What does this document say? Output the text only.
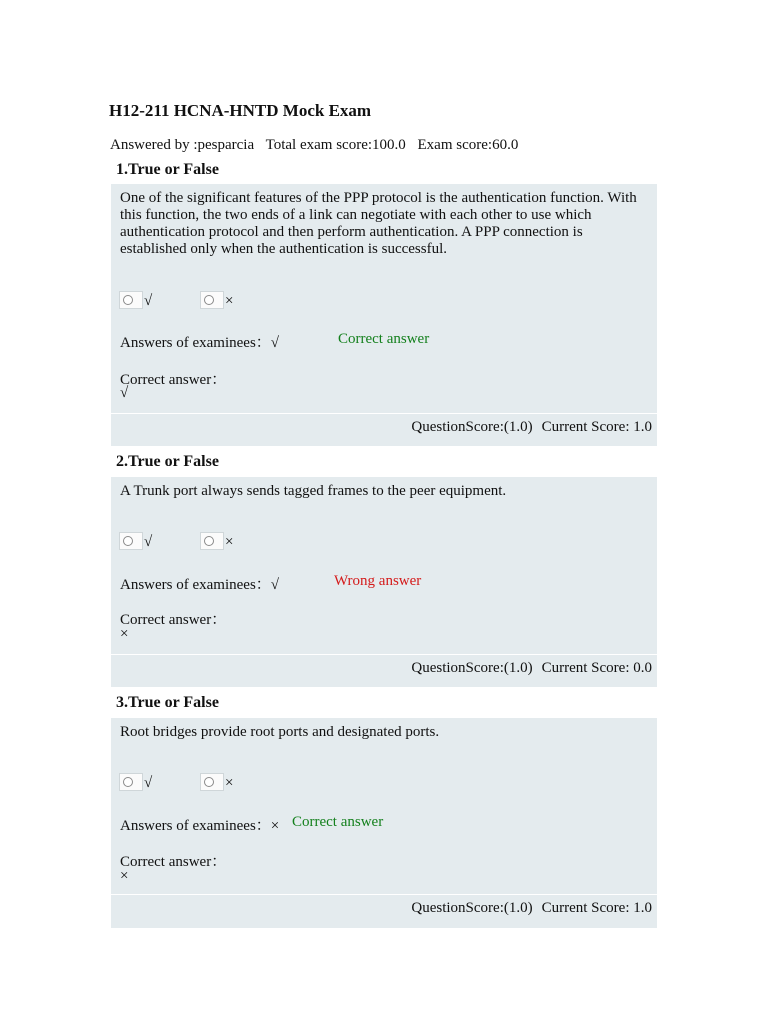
H12-211 HCNA-HNTD Mock Exam
Answered by :pesparcia Total exam score:100.0 Exam score:60.0
1.True or False
One of the significant features of the PPP protocol is the authentication function. With this function, the two ends of a link can negotiate with each other to use which authentication protocol and then perform authentication. A PPP connection is established only when the authentication is successful.
√	×
Answers of examinees：√	Correct answer
Correct answer：
√
QuestionScore:(1.0) Current Score: 1.0
2.True or False
A Trunk port always sends tagged frames to the peer equipment.
√	×
Answers of examinees：√	Wrong answer
Correct answer：
×
QuestionScore:(1.0) Current Score: 0.0
3.True or False
Root bridges provide root ports and designated ports.
√	×
Answers of examinees：× Correct answer
Correct answer：
×
QuestionScore:(1.0) Current Score: 1.0
